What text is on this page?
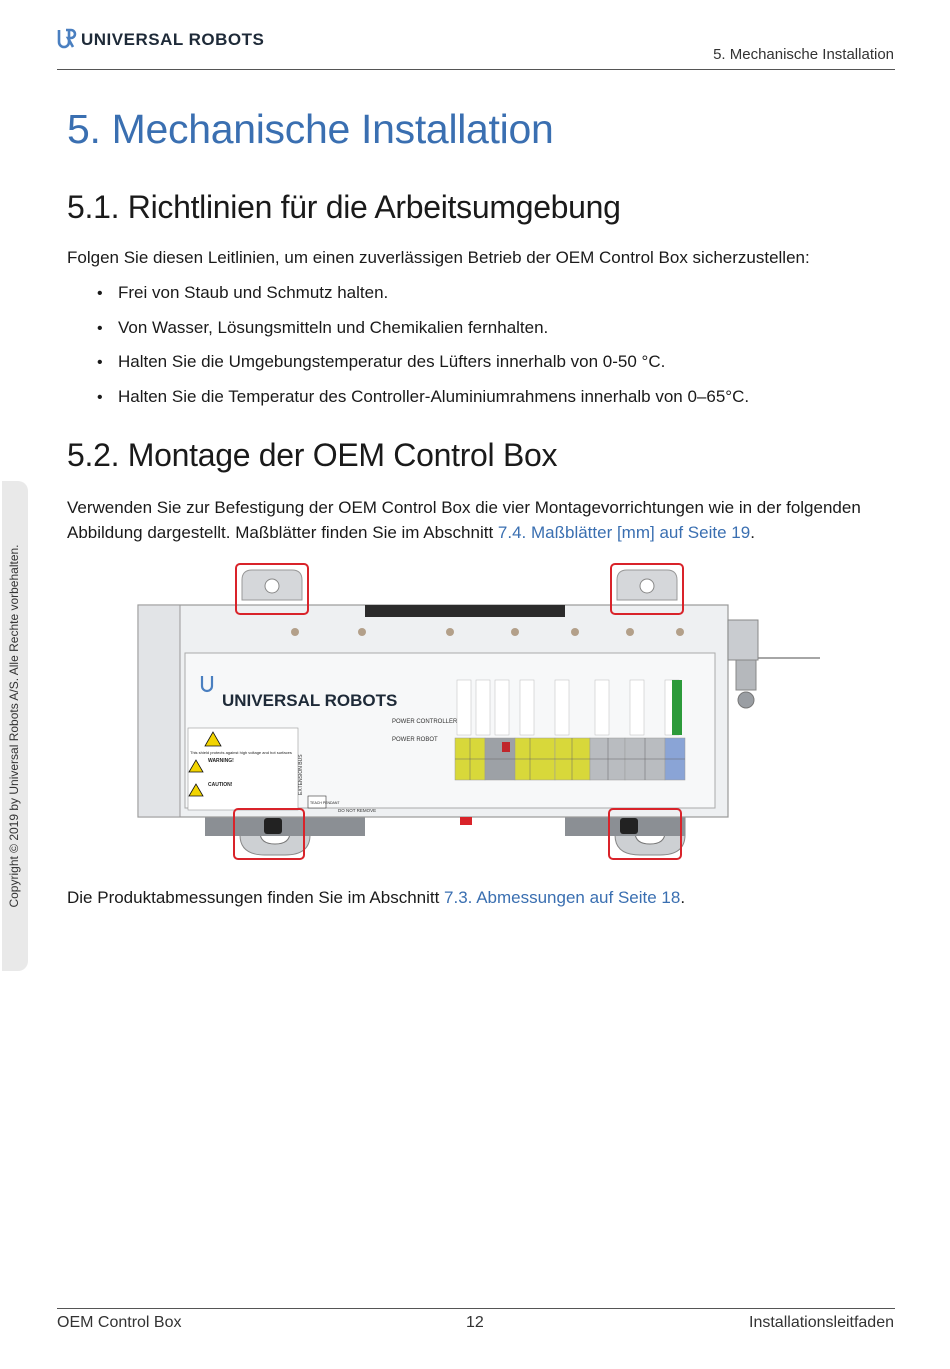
UNIVERSAL ROBOTS
5. Mechanische Installation
Copyright © 2019 by Universal Robots A/S. Alle Rechte vorbehalten.
5. Mechanische Installation
5.1. Richtlinien für die Arbeitsumgebung
Folgen Sie diesen Leitlinien, um einen zuverlässigen Betrieb der OEM Control Box sicherzustellen:
• Frei von Staub und Schmutz halten.
• Von Wasser, Lösungsmitteln und Chemikalien fernhalten.
• Halten Sie die Umgebungstemperatur des Lüfters innerhalb von 0-50 °C.
• Halten Sie die Temperatur des Controller-Aluminiumrahmens innerhalb von 0–65°C.
5.2. Montage der OEM Control Box
Verwenden Sie zur Befestigung der OEM Control Box die vier Montagevorrichtungen wie in der folgenden Abbildung dargestellt. Maßblätter finden Sie im Abschnitt 7.4. Maßblätter [mm] auf Seite 19.
UNIVERSAL ROBOTS
POWER CONTROLLER
POWER ROBOT
This shield protects against high voltage and hot surfaces
WARNING!
CAUTION!	EXTENSION BUS
TEACH PENDANT
DO NOT REMOVE
Die Produktabmessungen finden Sie im Abschnitt 7.3. Abmessungen auf Seite 18.
OEM Control Box	12	Installationsleitfaden
